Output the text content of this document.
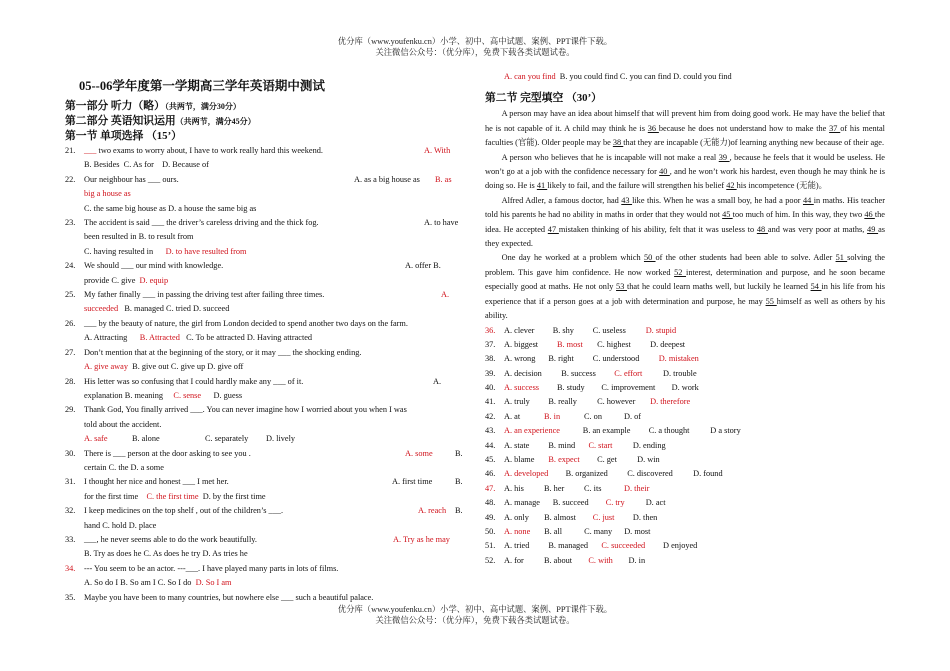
优分库（www.youfenku.cn）小学、初中、高中试题、案例、PPT课件下载。
关注微信公众号：（优分库），免费下载各类试题试卷。
05--06学年度第一学期高三学年英语期中测试
第一部分 听力（略）（共两节，满分30分）
第二部分 英语知识运用（共两节，满分45分）
第一节 单项选择 （15’）
21. ___ two exams to worry about, I have to work really hard this weekend.	A. With
B. Besides C. As for D. Because of
22. Our neighbour has ___ ours.	A. as a big house as B. as
big a house as
C. the same big house as D. a house the same big as
23. The accident is said ___ the driver’s careless driving and the thick fog.	A. to have
been resulted in B. to result from
C. having resulted in D. to have resulted from
24. We should ___ our mind with knowledge.	A. offer B.
provide C. give D. equip
25. My father finally ___ in passing the driving test after failing three times.	A.
succeeded B. managed C. tried D. succeed
26. ___ by the beauty of nature, the girl from London decided to spend another two days on the farm.
A. Attracting B. Attracted C. To be attracted D. Having attracted
27. Don’t mention that at the beginning of the story, or it may ___ the shocking ending.
A. give away B. give out C. give up D. give off
28. His letter was so confusing that I could hardly make any ___ of it.	A.
explanation B. meaning C. sense D. guess
29. Thank God, You finally arrived ___. You can never imagine how I worried about you when I was
told about the accident.
A. safe	B. alone	C. separately D. lively
30. There is ___ person at the door asking to see you .	A. some	B.
certain C. the D. a some
31. I thought her nice and honest ___ I met her.	A. first time	B.
for the first time C. the first time D. by the first time
32. I keep medicines on the top shelf , out of the children’s ___.	A. reach B.
hand C. hold D. place
33. ___, he never seems able to do the work beautifully.	A. Try as he may
B. Try as does he C. As does he try D. As tries he
34. --- You seem to be an actor. ---___. I have played many parts in lots of films.
A. So do I B. So am I C. So I do D. So I am
35. Maybe you have been to many countries, but nowhere else ___ such a beautiful palace.
A. can you find B. you could find C. you can find D. could you find
第二节 完型填空 （30’）
A person may have an idea about himself that will prevent him from doing good work. He may have the belief that he is not capable of it. A child may think he is 36 because he does not understand how to make the 37 of his mental faculties (官能). Older people may be 38 that they are incapable (无能力)of learning anything new because of their age.
A person who believes that he is incapable will not make a real 39 , because he feels that it would be useless. He won’t go at a job with the confidence necessary for 40 , and he won’t work his hardest, even though he may think he is doing so. He is 41 likely to fail, and the failure will strengthen his belief 42 his incompetence (无能)。
Alfred Adler, a famous doctor, had 43 like this. When he was a small boy, he had a poor 44 in maths. His teacher told his parents he had no ability in maths in order that they would not 45 too much of him. In this way, they two 46 the idea. He accepted 47 mistaken thinking of his ability, felt that it was useless to 48 and was very poor at maths, 49 as they expected.
One day he worked at a problem which 50 of the other students had been able to solve. Adler 51 solving the problem. This gave him confidence. He now worked 52 interest, determination and purpose, and he soon became especially good at maths. He not only 53 that he could learn maths well, but luckily he learned 54 in his life from his experience that if a person goes at a job with determination and purpose, he may 55 himself as well as others by his ability.
36. A. clever B. shy C. useless D. stupid
37. A. biggest B. most C. highest D. deepest
38. A. wrong B. right C. understood D. mistaken
39. A. decision B. success C. effort D. trouble
40. A. success B. study C. improvement D. work
41. A. truly B. really C. however D. therefore
42. A. at	B. in	C. on	D. of
43. A. an experience	B. an example C. a thought	D a story
44. A. state B. mind C. start D. ending
45. A. blame B. expect C. get D. win
46. A. developed B. organized C. discovered D. found
47. A. his B. her C. its	D. their
48. A. manage B. succeed C. try	D. act
49. A. only B. almost C. just D. then
50. A. none B. all	C. many D. most
51. A. tried B. managed C. succeeded D enjoyed
52. A. for B. about C. with D. in
优分库（www.youfenku.cn）小学、初中、高中试题、案例、PPT课件下载。
关注微信公众号：（优分库），免费下载各类试题试卷。
